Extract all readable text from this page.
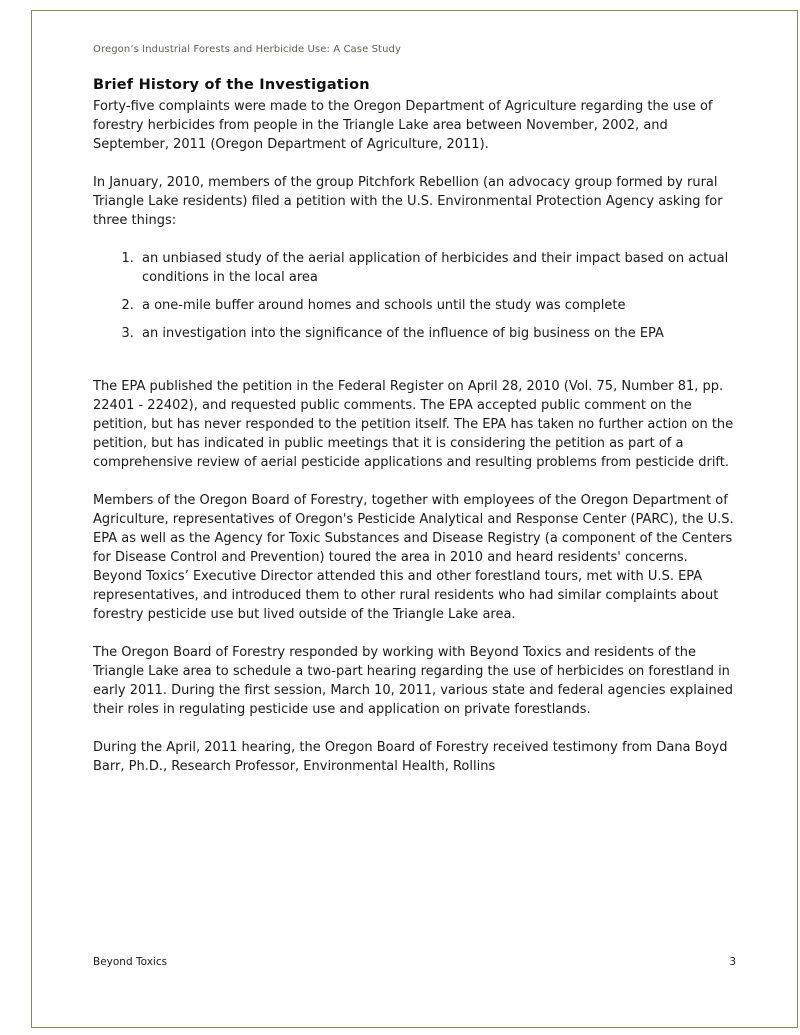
Oregon’s Industrial Forests and Herbicide Use: A Case Study
Brief History of the Investigation

Forty-five complaints were made to the Oregon Department of Agriculture regarding the use of forestry herbicides from people in the Triangle Lake area between November, 2002, and September, 2011 (Oregon Department of Agriculture, 2011).

In January, 2010, members of the group Pitchfork Rebellion (an advocacy group formed by rural Triangle Lake residents) filed a petition with the U.S. Environmental Protection Agency asking for three things:

1. an unbiased study of the aerial application of herbicides and their impact based on actual conditions in the local area
2. a one-mile buffer around homes and schools until the study was complete
3. an investigation into the significance of the influence of big business on the EPA

The EPA published the petition in the Federal Register on April 28, 2010 (Vol. 75, Number 81, pp. 22401 - 22402), and requested public comments. The EPA accepted public comment on the petition, but has never responded to the petition itself. The EPA has taken no further action on the petition, but has indicated in public meetings that it is considering the petition as part of a comprehensive review of aerial pesticide applications and resulting problems from pesticide drift.

Members of the Oregon Board of Forestry, together with employees of the Oregon Department of Agriculture, representatives of Oregon's Pesticide Analytical and Response Center (PARC), the U.S. EPA as well as the Agency for Toxic Substances and Disease Registry (a component of the Centers for Disease Control and Prevention) toured the area in 2010 and heard residents' concerns. Beyond Toxics’ Executive Director attended this and other forestland tours, met with U.S. EPA representatives, and introduced them to other rural residents who had similar complaints about forestry pesticide use but lived outside of the Triangle Lake area.

The Oregon Board of Forestry responded by working with Beyond Toxics and residents of the Triangle Lake area to schedule a two-part hearing regarding the use of herbicides on forestland in early 2011. During the first session, March 10, 2011, various state and federal agencies explained their roles in regulating pesticide use and application on private forestlands.

During the April, 2011 hearing, the Oregon Board of Forestry received testimony from Dana Boyd Barr, Ph.D., Research Professor, Environmental Health, Rollins

Beyond Toxics	3
